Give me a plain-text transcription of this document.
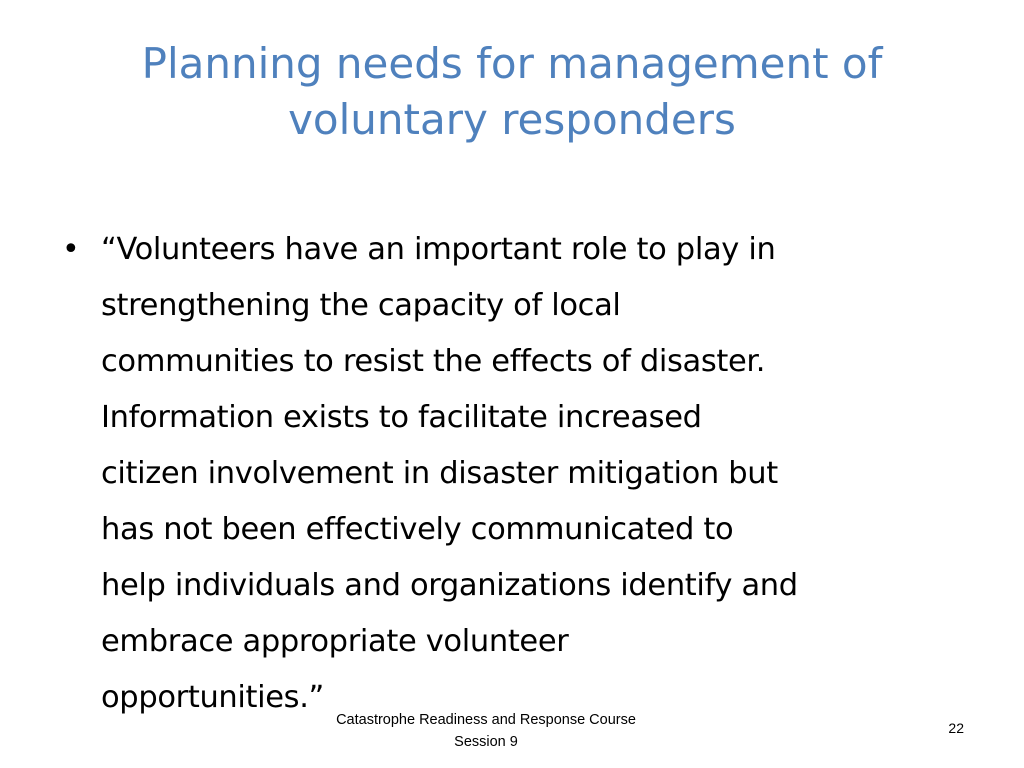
Planning needs for management of
voluntary responders
• “Volunteers have an important role to play in
strengthening the capacity of local
communities to resist the effects of disaster.
Information exists to facilitate increased
citizen involvement in disaster mitigation but
has not been effectively communicated to
help individuals and organizations identify and
embrace appropriate volunteer
opportunities.”
Catastrophe Readiness and Response Course
Session 9
22
